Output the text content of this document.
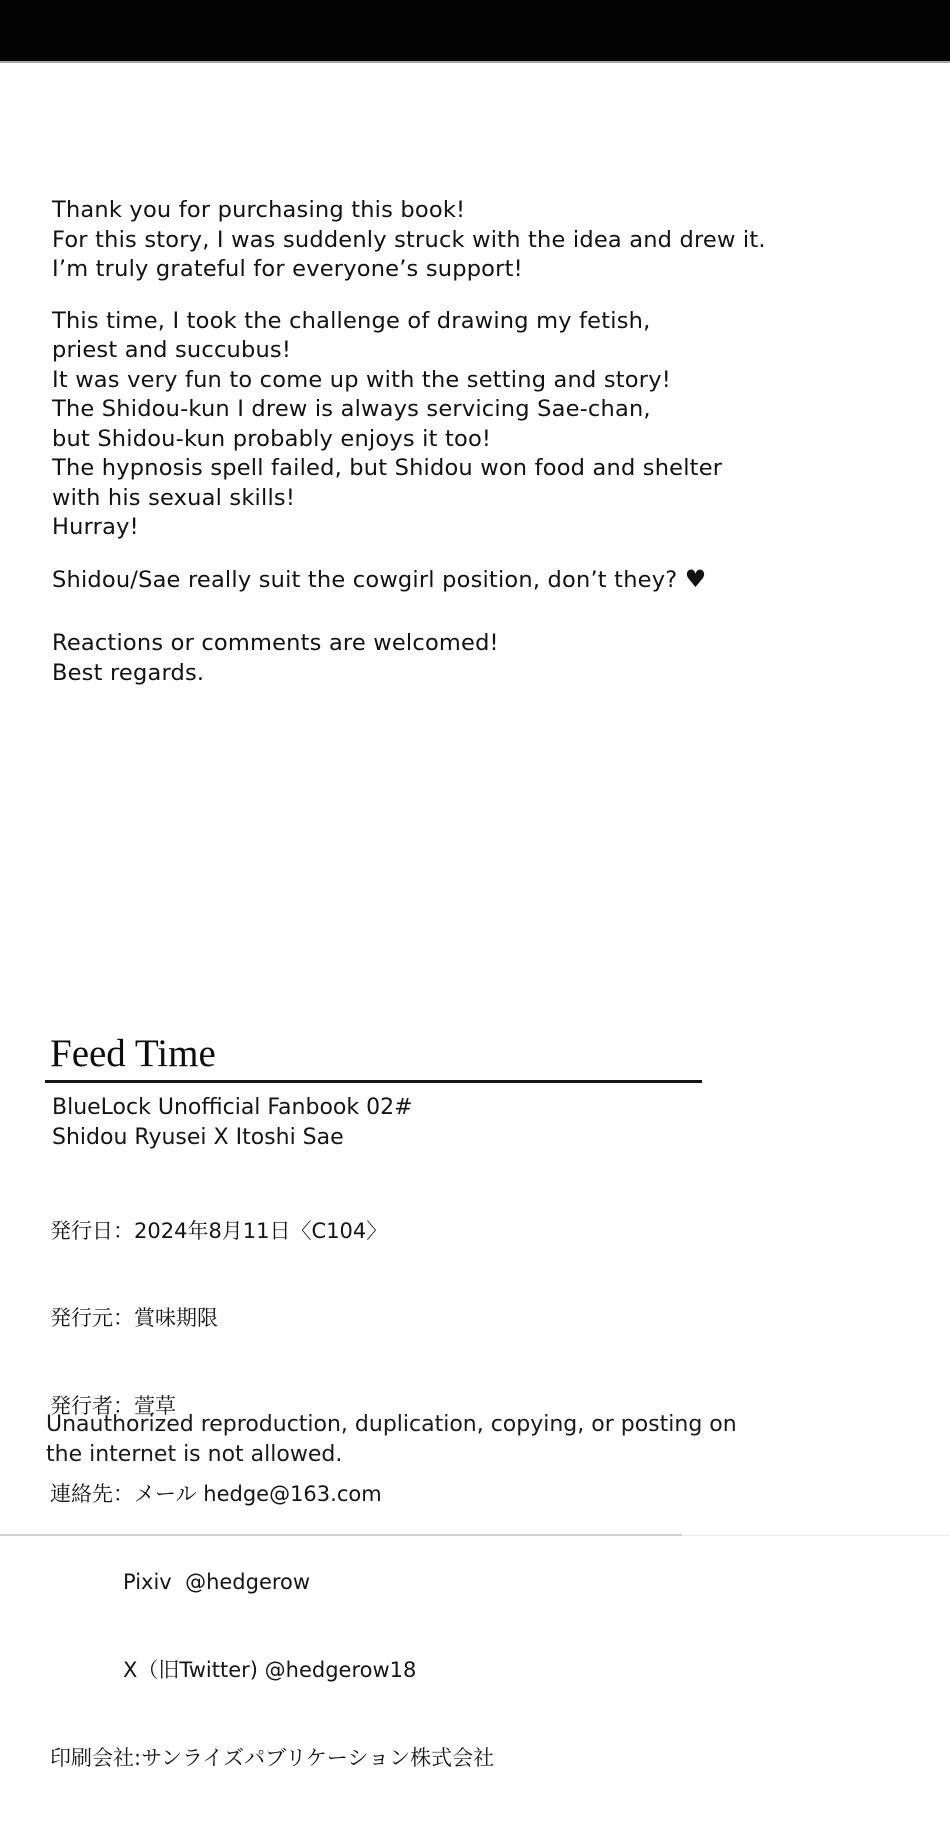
Thank you for purchasing this book!
For this story, I was suddenly struck with the idea and drew it.
I’m truly grateful for everyone’s support!

This time, I took the challenge of drawing my fetish,
priest and succubus!
It was very fun to come up with the setting and story!
The Shidou-kun I drew is always servicing Sae-chan,
but Shidou-kun probably enjoys it too!
The hypnosis spell failed, but Shidou won food and shelter
with his sexual skills!
Hurray!

Shidou/Sae really suit the cowgirl position, don’t they? ♥

Reactions or comments are welcomed!
Best regards.

Feed Time
BlueLock Unofficial Fanbook 02#
Shidou Ryusei X Itoshi Sae

発行日：2024年8月11日〈C104〉

発行元：賞味期限

発行者：萱草

連絡先：メール hedge@163.com

Pixiv  @hedgerow

X（旧Twitter) @hedgerow18

印刷会社:サンライズパブリケーション株式会社

Unauthorized reproduction, duplication, copying, or posting on
the internet is not allowed.
